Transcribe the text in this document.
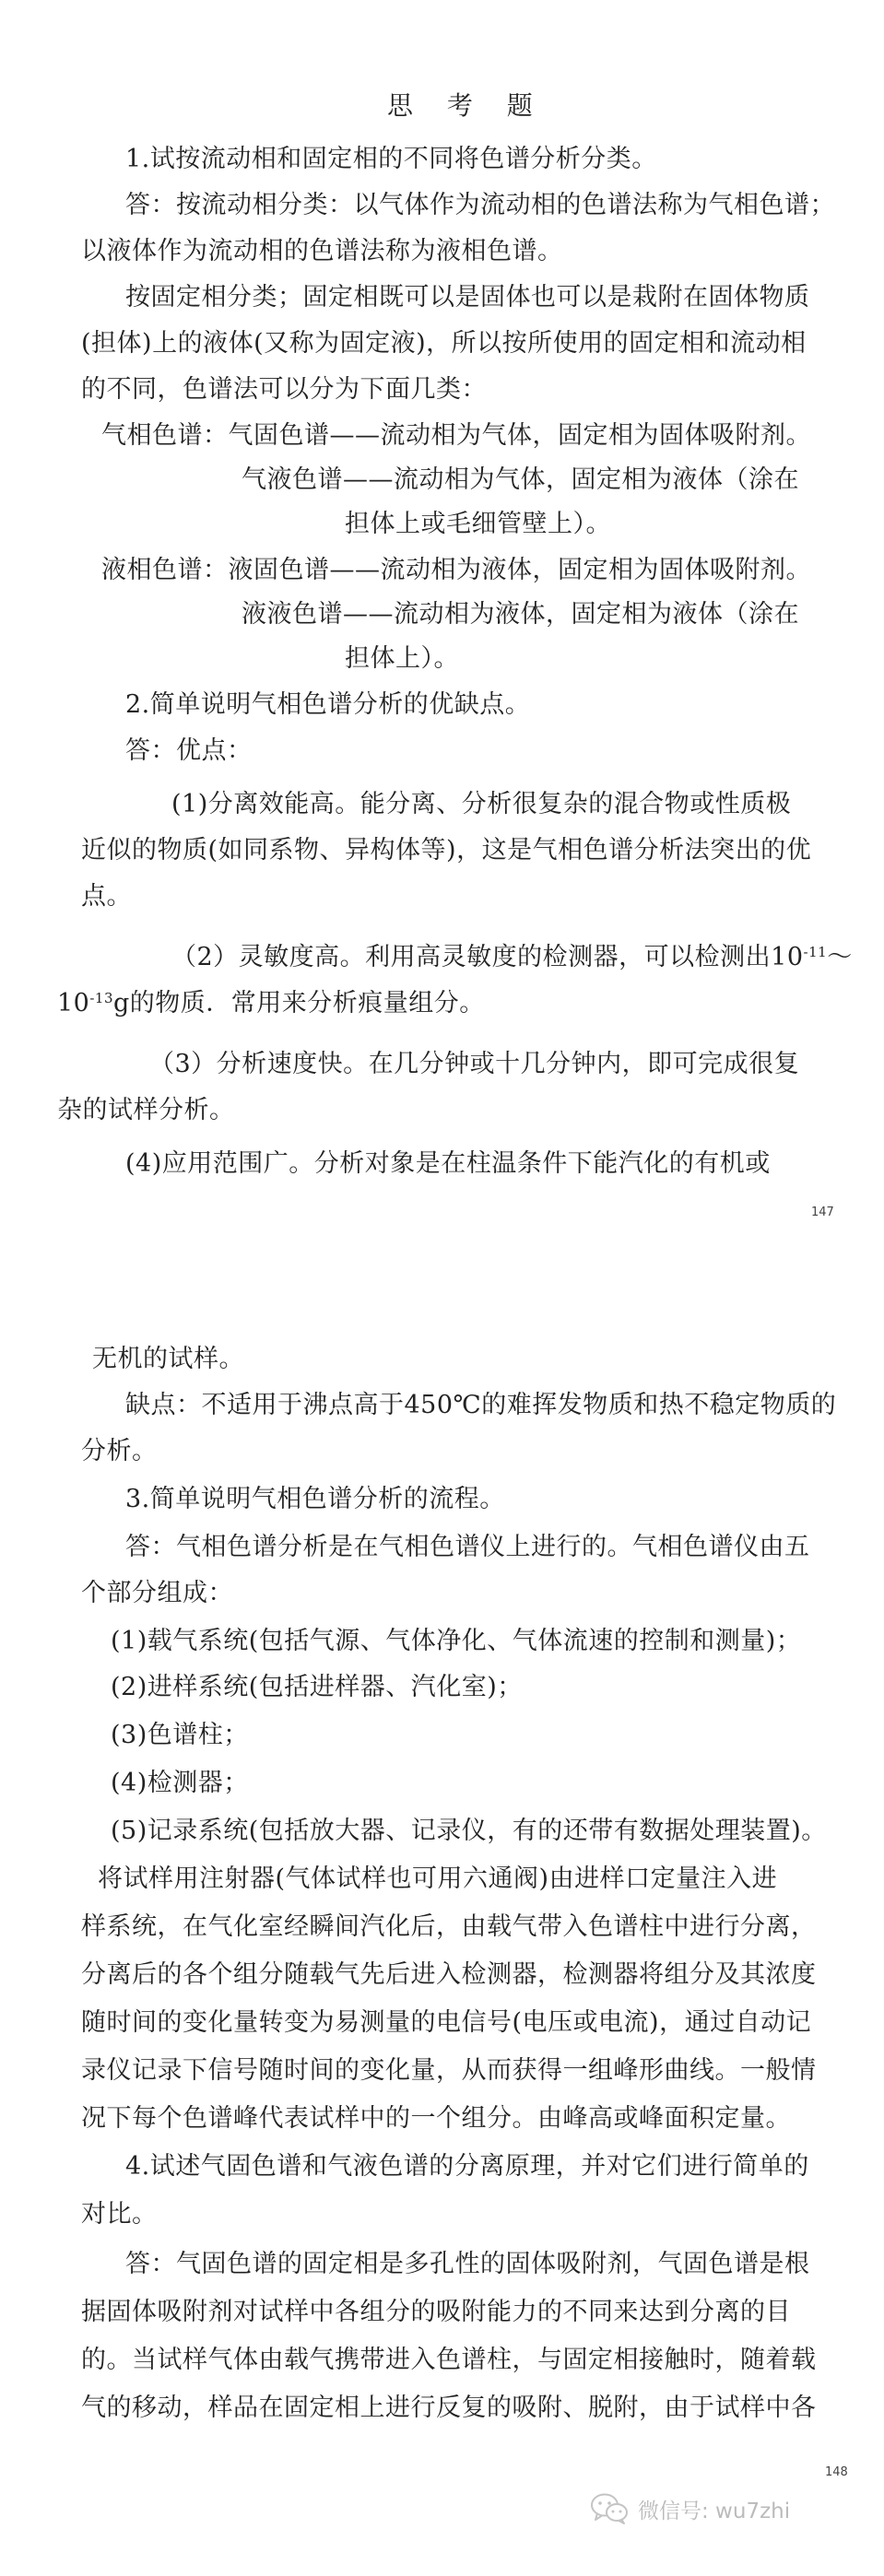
思 考 题
1.试按流动相和固定相的不同将色谱分析分类。
答：按流动相分类：以气体作为流动相的色谱法称为气相色谱；
以液体作为流动相的色谱法称为液相色谱。
按固定相分类；固定相既可以是固体也可以是栽附在固体物质
(担体)上的液体(又称为固定液)，所以按所使用的固定相和流动相
的不同，色谱法可以分为下面几类：
气相色谱：气固色谱——流动相为气体，固定相为固体吸附剂。
气液色谱——流动相为气体，固定相为液体（涂在
担体上或毛细管壁上）。
液相色谱：液固色谱——流动相为液体，固定相为固体吸附剂。
液液色谱——流动相为液体，固定相为液体（涂在
担体上）。
2.简单说明气相色谱分析的优缺点。
答：优点：
(1)分离效能高。能分离、分析很复杂的混合物或性质极
近似的物质(如同系物、异构体等)，这是气相色谱分析法突出的优
点。
（2）灵敏度高。利用高灵敏度的检测器，可以检测出$10^{-11}\sim$
$10^{-13}g$的物质．常用来分析痕量组分。
（3）分析速度快。在几分钟或十几分钟内，即可完成很复
杂的试样分析。
(4)应用范围广。分析对象是在柱温条件下能汽化的有机或
147
无机的试样。
缺点：不适用于沸点高于450℃的难挥发物质和热不稳定物质的
分析。
3.简单说明气相色谱分析的流程。
答：气相色谱分析是在气相色谱仪上进行的。气相色谱仪由五
个部分组成：
(1)载气系统(包括气源、气体净化、气体流速的控制和测量)；
(2)进样系统(包括进样器、汽化室)；
(3)色谱柱；
(4)检测器；
(5)记录系统(包括放大器、记录仪，有的还带有数据处理装置)。
将试样用注射器(气体试样也可用六通阀)由进样口定量注入进
样系统，在气化室经瞬间汽化后，由载气带入色谱柱中进行分离，
分离后的各个组分随载气先后进入检测器，检测器将组分及其浓度
随时间的变化量转变为易测量的电信号(电压或电流)，通过自动记
录仪记录下信号随时间的变化量，从而获得一组峰形曲线。一般情
况下每个色谱峰代表试样中的一个组分。由峰高或峰面积定量。
4.试述气固色谱和气液色谱的分离原理，并对它们进行简单的
对比。
答：气固色谱的固定相是多孔性的固体吸附剂，气固色谱是根
据固体吸附剂对试样中各组分的吸附能力的不同来达到分离的目
的。当试样气体由载气携带进入色谱柱，与固定相接触时，随着载
气的移动，样品在固定相上进行反复的吸附、脱附，由于试样中各
148
微信号: wu7zhi
